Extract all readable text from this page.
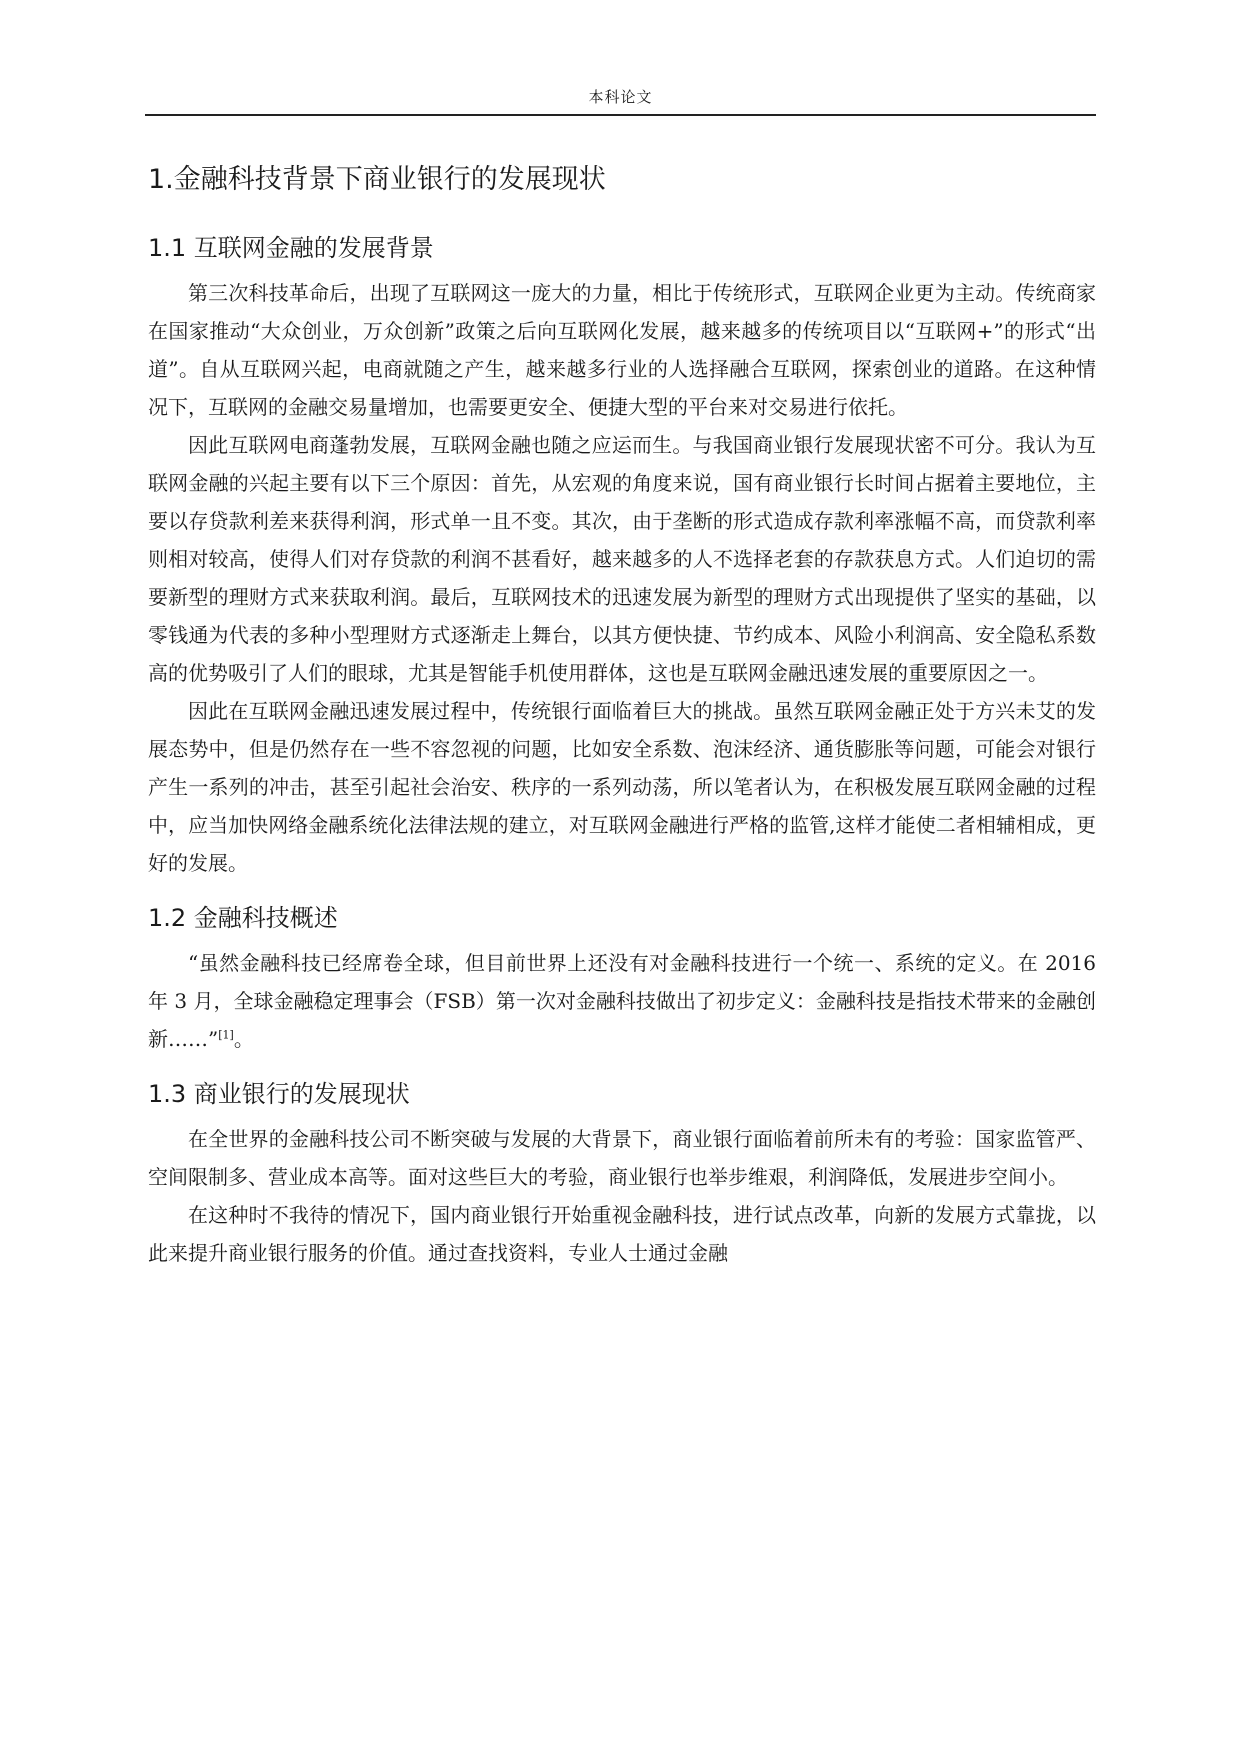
本科论文
1.金融科技背景下商业银行的发展现状
1.1 互联网金融的发展背景

第三次科技革命后，出现了互联网这一庞大的力量，相比于传统形式，互联网企业更为主动。传统商家在国家推动“大众创业，万众创新”政策之后向互联网化发展，越来越多的传统项目以“互联网+”的形式“出道”。自从互联网兴起，电商就随之产生，越来越多行业的人选择融合互联网，探索创业的道路。在这种情况下，互联网的金融交易量增加，也需要更安全、便捷大型的平台来对交易进行依托。

因此互联网电商蓬勃发展，互联网金融也随之应运而生。与我国商业银行发展现状密不可分。我认为互联网金融的兴起主要有以下三个原因：首先，从宏观的角度来说，国有商业银行长时间占据着主要地位，主要以存贷款利差来获得利润，形式单一且不变。其次，由于垄断的形式造成存款利率涨幅不高，而贷款利率则相对较高，使得人们对存贷款的利润不甚看好，越来越多的人不选择老套的存款获息方式。人们迫切的需要新型的理财方式来获取利润。最后，互联网技术的迅速发展为新型的理财方式出现提供了坚实的基础，以零钱通为代表的多种小型理财方式逐渐走上舞台，以其方便快捷、节约成本、风险小利润高、安全隐私系数高的优势吸引了人们的眼球，尤其是智能手机使用群体，这也是互联网金融迅速发展的重要原因之一。

因此在互联网金融迅速发展过程中，传统银行面临着巨大的挑战。虽然互联网金融正处于方兴未艾的发展态势中，但是仍然存在一些不容忽视的问题，比如安全系数、泡沫经济、通货膨胀等问题，可能会对银行产生一系列的冲击，甚至引起社会治安、秩序的一系列动荡，所以笔者认为，在积极发展互联网金融的过程中，应当加快网络金融系统化法律法规的建立，对互联网金融进行严格的监管,这样才能使二者相辅相成，更好的发展。

1.2 金融科技概述

“虽然金融科技已经席卷全球，但目前世界上还没有对金融科技进行一个统一、系统的定义。在 2016 年 3 月，全球金融稳定理事会（FSB）第一次对金融科技做出了初步定义：金融科技是指技术带来的金融创新……”[1]。

1.3 商业银行的发展现状

在全世界的金融科技公司不断突破与发展的大背景下，商业银行面临着前所未有的考验：国家监管严、空间限制多、营业成本高等。面对这些巨大的考验，商业银行也举步维艰，利润降低，发展进步空间小。

在这种时不我待的情况下，国内商业银行开始重视金融科技，进行试点改革，向新的发展方式靠拢，以此来提升商业银行服务的价值。通过查找资料，专业人士通过金融
